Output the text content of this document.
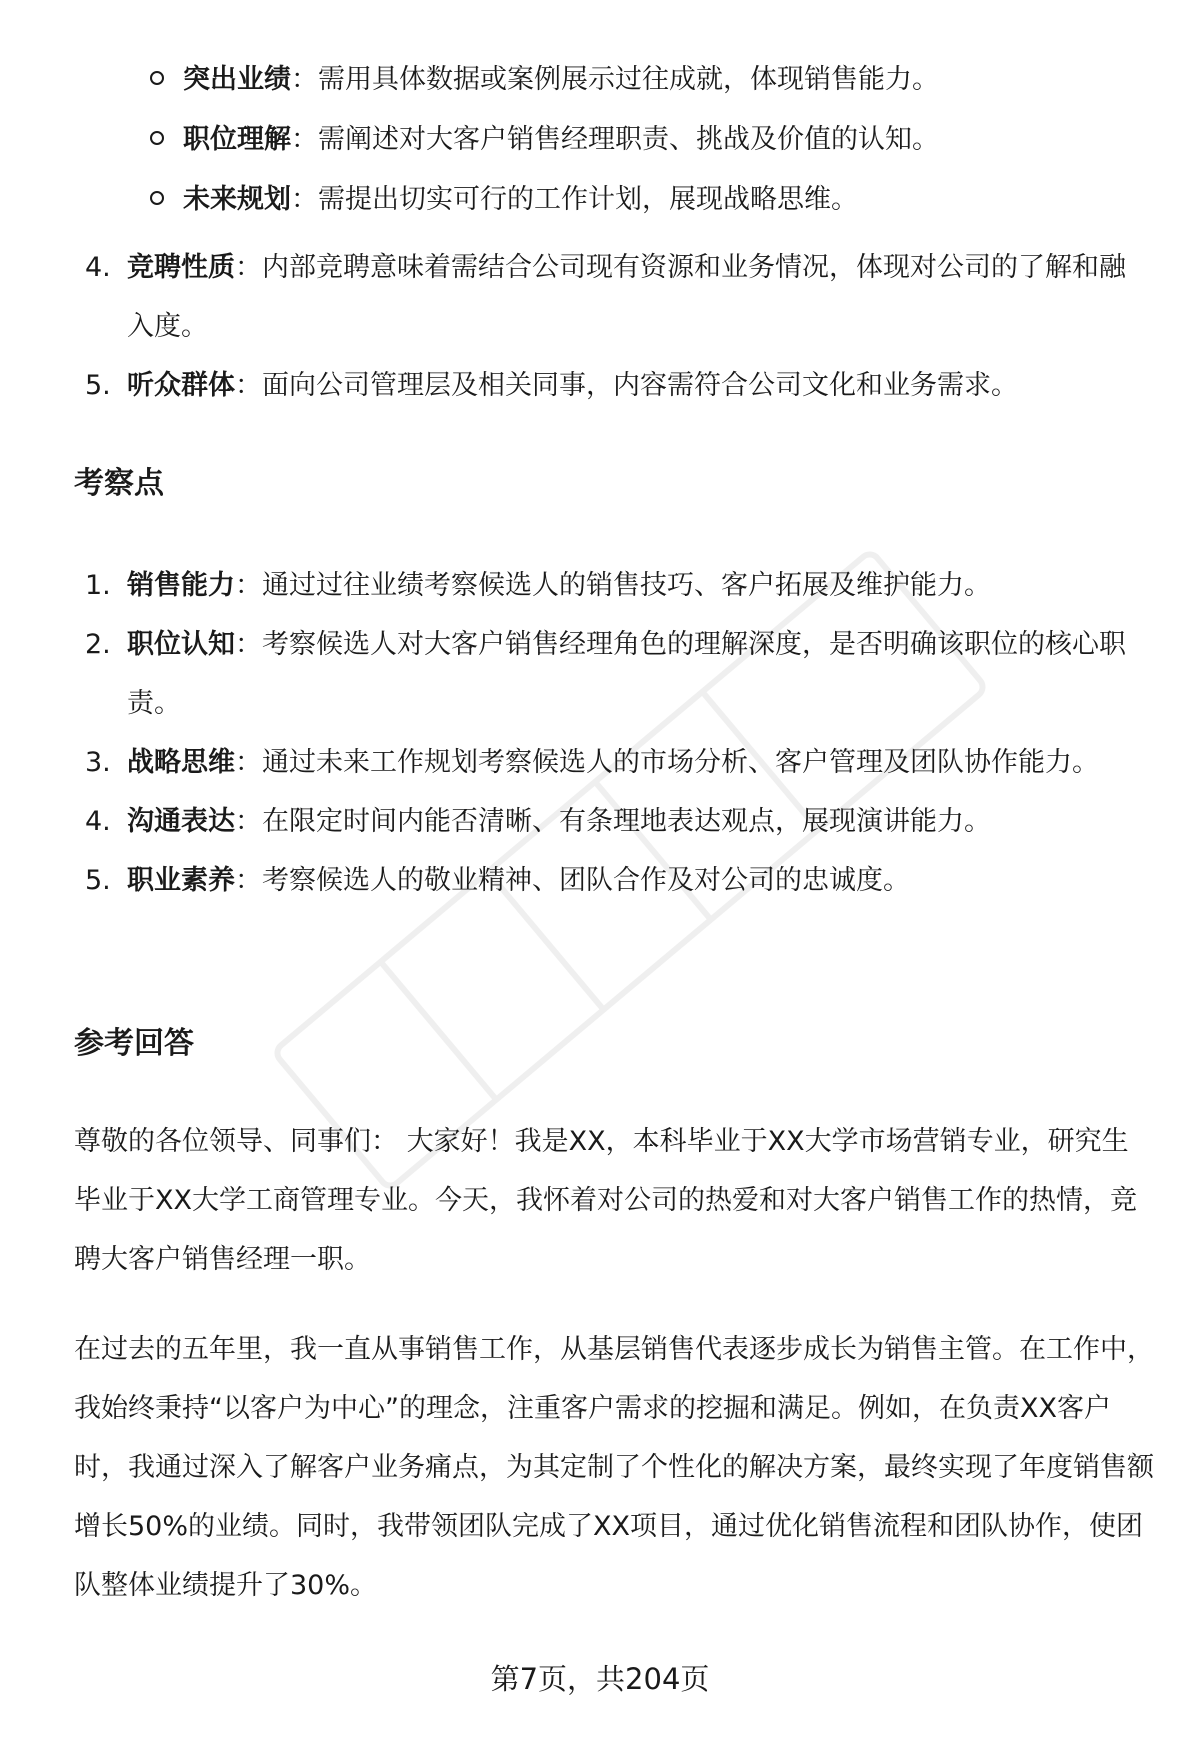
突出业绩：需用具体数据或案例展示过往成就，体现销售能力。
职位理解：需阐述对大客户销售经理职责、挑战及价值的认知。
未来规划：需提出切实可行的工作计划，展现战略思维。
4. 竞聘性质：内部竞聘意味着需结合公司现有资源和业务情况，体现对公司的了解和融入度。
5. 听众群体：面向公司管理层及相关同事，内容需符合公司文化和业务需求。
考察点
1. 销售能力：通过过往业绩考察候选人的销售技巧、客户拓展及维护能力。
2. 职位认知：考察候选人对大客户销售经理角色的理解深度，是否明确该职位的核心职责。
3. 战略思维：通过未来工作规划考察候选人的市场分析、客户管理及团队协作能力。
4. 沟通表达：在限定时间内能否清晰、有条理地表达观点，展现演讲能力。
5. 职业素养：考察候选人的敬业精神、团队合作及对公司的忠诚度。
参考回答
尊敬的各位领导、同事们： 大家好！我是XX，本科毕业于XX大学市场营销专业，研究生毕业于XX大学工商管理专业。今天，我怀着对公司的热爱和对大客户销售工作的热情，竞聘大客户销售经理一职。
在过去的五年里，我一直从事销售工作，从基层销售代表逐步成长为销售主管。在工作中，我始终秉持“以客户为中心”的理念，注重客户需求的挖掘和满足。例如，在负责XX客户时，我通过深入了解客户业务痛点，为其定制了个性化的解决方案，最终实现了年度销售额增长50%的业绩。同时，我带领团队完成了XX项目，通过优化销售流程和团队协作，使团队整体业绩提升了30%。
第7页，共204页
